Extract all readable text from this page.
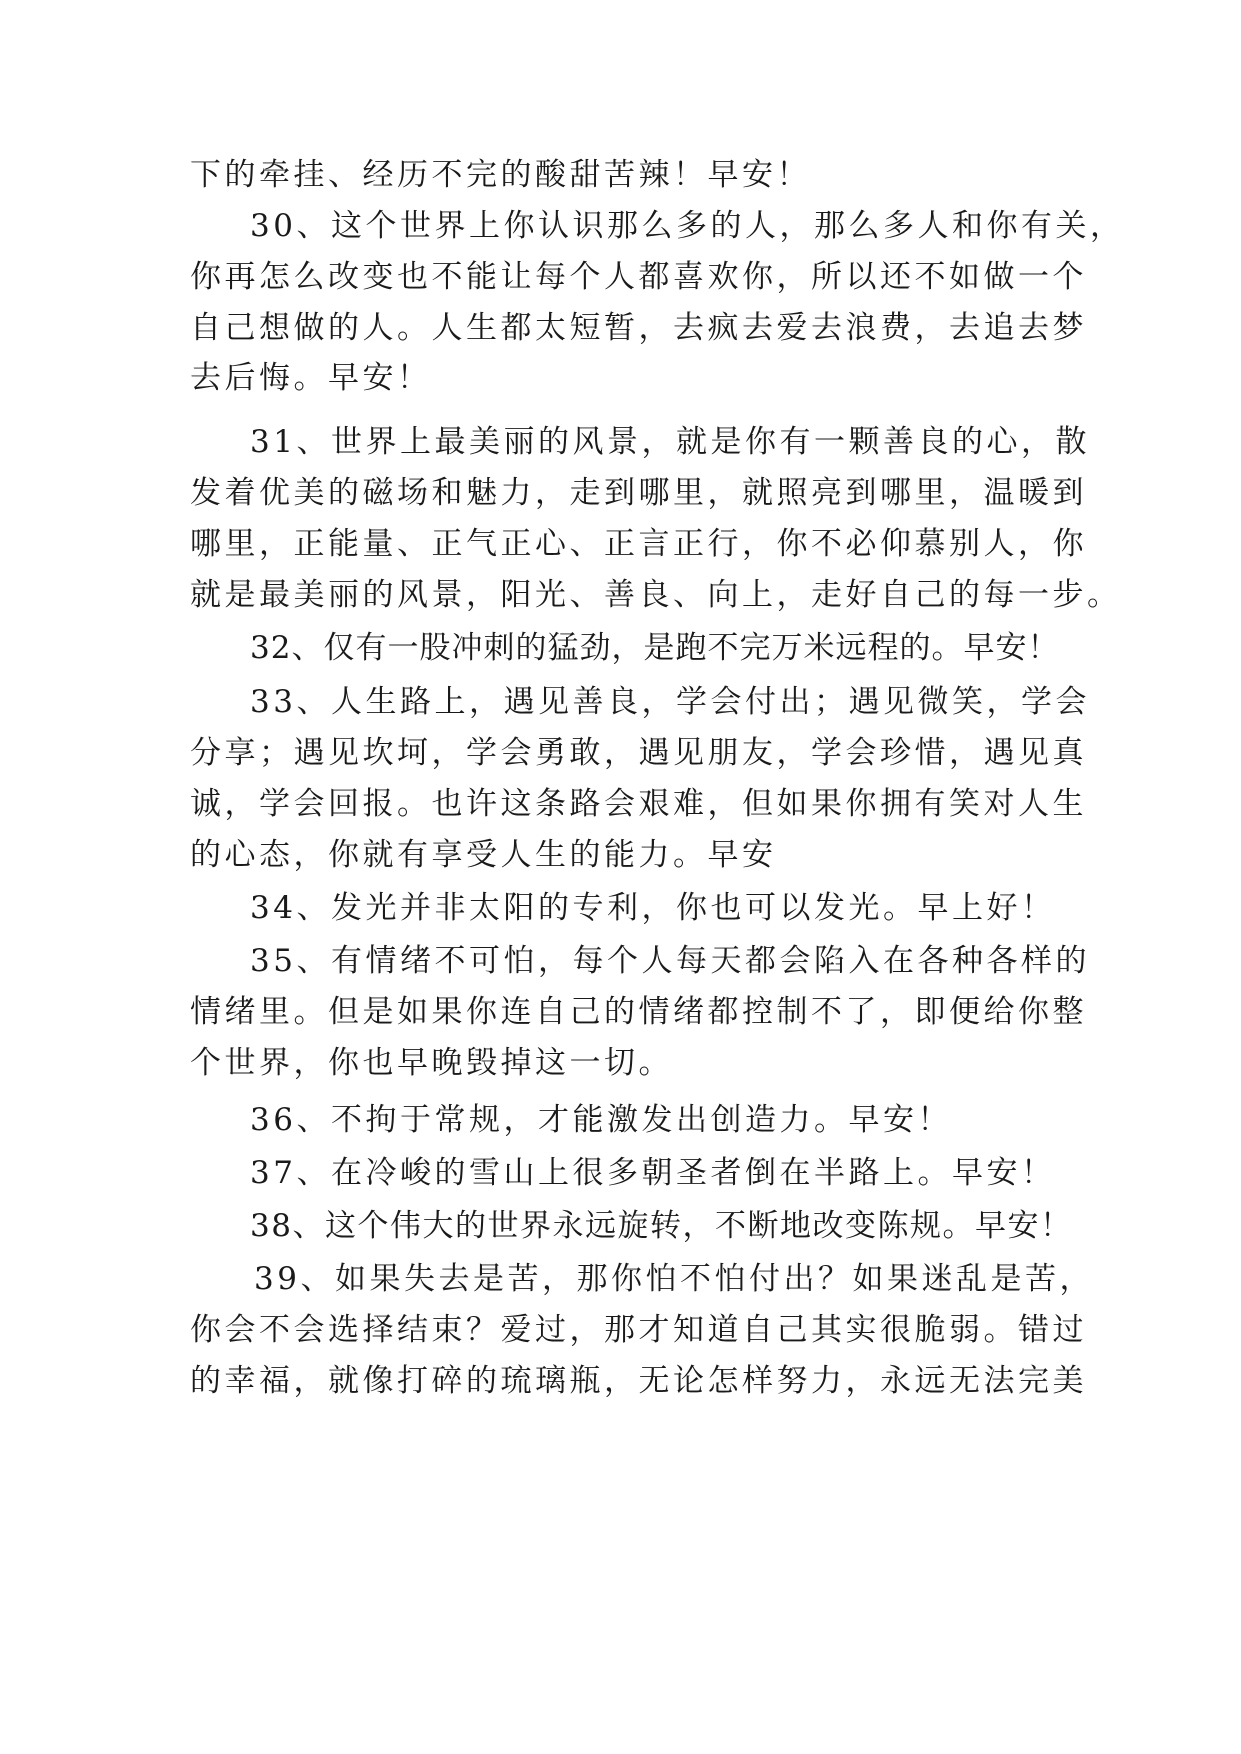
下的牵挂、经历不完的酸甜苦辣！早安！
30、这个世界上你认识那么多的人，那么多人和你有关，
你再怎么改变也不能让每个人都喜欢你，所以还不如做一个
自己想做的人。人生都太短暂，去疯去爱去浪费，去追去梦
去后悔。早安！
31、世界上最美丽的风景，就是你有一颗善良的心，散
发着优美的磁场和魅力，走到哪里，就照亮到哪里，温暖到
哪里，正能量、正气正心、正言正行，你不必仰慕别人，你
就是最美丽的风景，阳光、善良、向上，走好自己的每一步。
32、仅有一股冲刺的猛劲，是跑不完万米远程的。早安！
33、人生路上，遇见善良，学会付出；遇见微笑，学会
分享；遇见坎坷，学会勇敢，遇见朋友，学会珍惜，遇见真
诚，学会回报。也许这条路会艰难，但如果你拥有笑对人生
的心态，你就有享受人生的能力。早安
34、发光并非太阳的专利，你也可以发光。早上好！
35、有情绪不可怕，每个人每天都会陷入在各种各样的
情绪里。但是如果你连自己的情绪都控制不了，即便给你整
个世界，你也早晚毁掉这一切。
36、不拘于常规，才能激发出创造力。早安！
37、在冷峻的雪山上很多朝圣者倒在半路上。早安！
38、这个伟大的世界永远旋转，不断地改变陈规。早安！
39、如果失去是苦，那你怕不怕付出？如果迷乱是苦，
你会不会选择结束？爱过，那才知道自己其实很脆弱。错过
的幸福，就像打碎的琉璃瓶，无论怎样努力，永远无法完美
